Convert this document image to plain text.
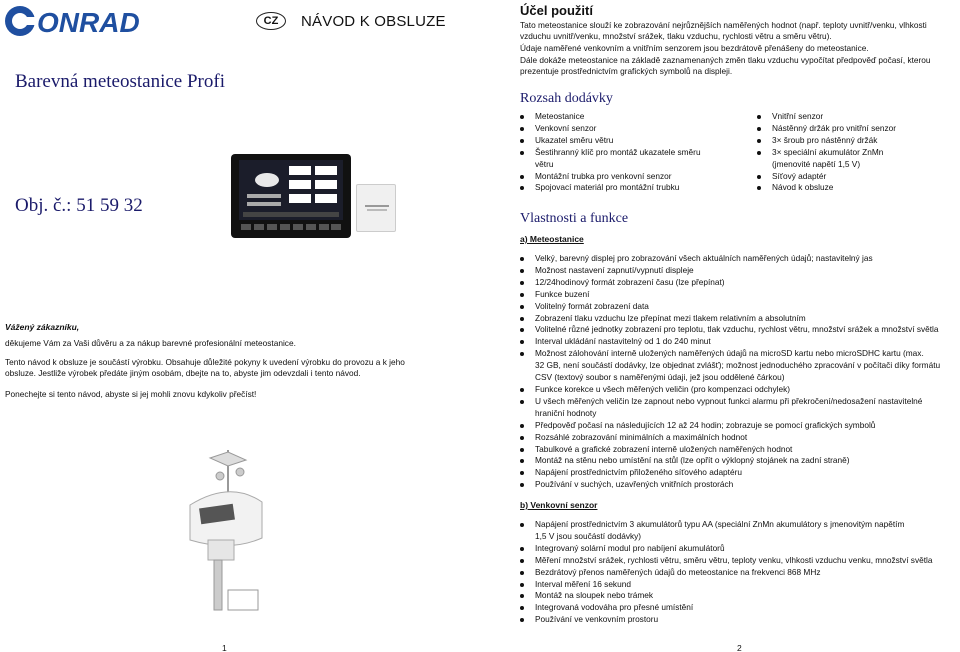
ONRAD	CZ	NÁVOD K OBSLUZE
Barevná meteostanice Profi
Obj. č.: 51 59 32
Vážený zákazníku,
děkujeme Vám za Vaši důvěru a za nákup barevné profesionální meteostanice.
Tento návod k obsluze je součástí výrobku. Obsahuje důležité pokyny k uvedení výrobku do provozu a k jeho obsluze. Jestliže výrobek předáte jiným osobám, dbejte na to, abyste jim odevzdali i tento návod.
Ponechejte si tento návod, abyste si jej mohli znovu kdykoliv přečíst!
1
Účel použití
Tato meteostanice slouží ke zobrazování nejrůznějších naměřených hodnot (např. teploty uvnitř/venku, vlhkosti vzduchu uvnitř/venku, množství srážek, tlaku vzduchu, rychlosti větru a směru větru).
Údaje naměřené venkovním a vnitřním senzorem jsou bezdrátově přenášeny do meteostanice.
Dále dokáže meteostanice na základě zaznamenaných změn tlaku vzduchu vypočítat předpověď počasí, kterou prezentuje prostřednictvím grafických symbolů na displeji.
Rozsah dodávky
Meteostanice
Venkovní senzor
Ukazatel směru větru
Šestihranný klíč pro montáž ukazatele směru
větru
Montážní trubka pro venkovní senzor
Spojovací materiál pro montážní trubku
Vnitřní senzor
Nástěnný držák pro vnitřní senzor
3× šroub pro nástěnný držák
3× speciální akumulátor ZnMn
(jmenovité napětí 1,5 V)
Síťový adaptér
Návod k obsluze
Vlastnosti a funkce
a) Meteostanice
Velký, barevný displej pro zobrazování všech aktuálních naměřených údajů; nastavitelný jas
Možnost nastavení zapnutí/vypnutí displeje
12/24hodinový formát zobrazení času (lze přepínat)
Funkce buzení
Volitelný formát zobrazení data
Zobrazení tlaku vzduchu lze přepínat mezi tlakem relativním a absolutním
Volitelné různé jednotky zobrazení pro teplotu, tlak vzduchu, rychlost větru, množství srážek a množství světla
Interval ukládání nastavitelný od 1 do 240 minut
Možnost zálohování interně uložených naměřených údajů na microSD kartu nebo microSDHC kartu (max.
32 GB, není součástí dodávky, lze objednat zvlášť); možnost jednoduchého zpracování v počítači díky formátu
CSV (textový soubor s naměřenými údaji, jež jsou oddělené čárkou)
Funkce korekce u všech měřených veličin (pro kompenzaci odchylek)
U všech měřených veličin lze zapnout nebo vypnout funkci alarmu při překročení/nedosažení nastavitelné
hraniční hodnoty
Předpověď počasí na následujících 12 až 24 hodin; zobrazuje se pomocí grafických symbolů
Rozsáhlé zobrazování minimálních a maximálních hodnot
Tabulkové a grafické zobrazení interně uložených naměřených hodnot
Montáž na stěnu nebo umístění na stůl (lze opřít o výklopný stojánek na zadní straně)
Napájení prostřednictvím přiloženého síťového adaptéru
Používání v suchých, uzavřených vnitřních prostorách
b) Venkovní senzor
Napájení prostřednictvím 3 akumulátorů typu AA (speciální ZnMn akumulátory s jmenovitým napětím
1,5 V jsou součástí dodávky)
Integrovaný solární modul pro nabíjení akumulátorů
Měření množství srážek, rychlosti větru, směru větru, teploty venku, vlhkosti vzduchu venku, množství světla
Bezdrátový přenos naměřených údajů do meteostanice na frekvenci 868 MHz
Interval měření 16 sekund
Montáž na sloupek nebo trámek
Integrovaná vodováha pro přesné umístění
Používání ve venkovním prostoru
2
